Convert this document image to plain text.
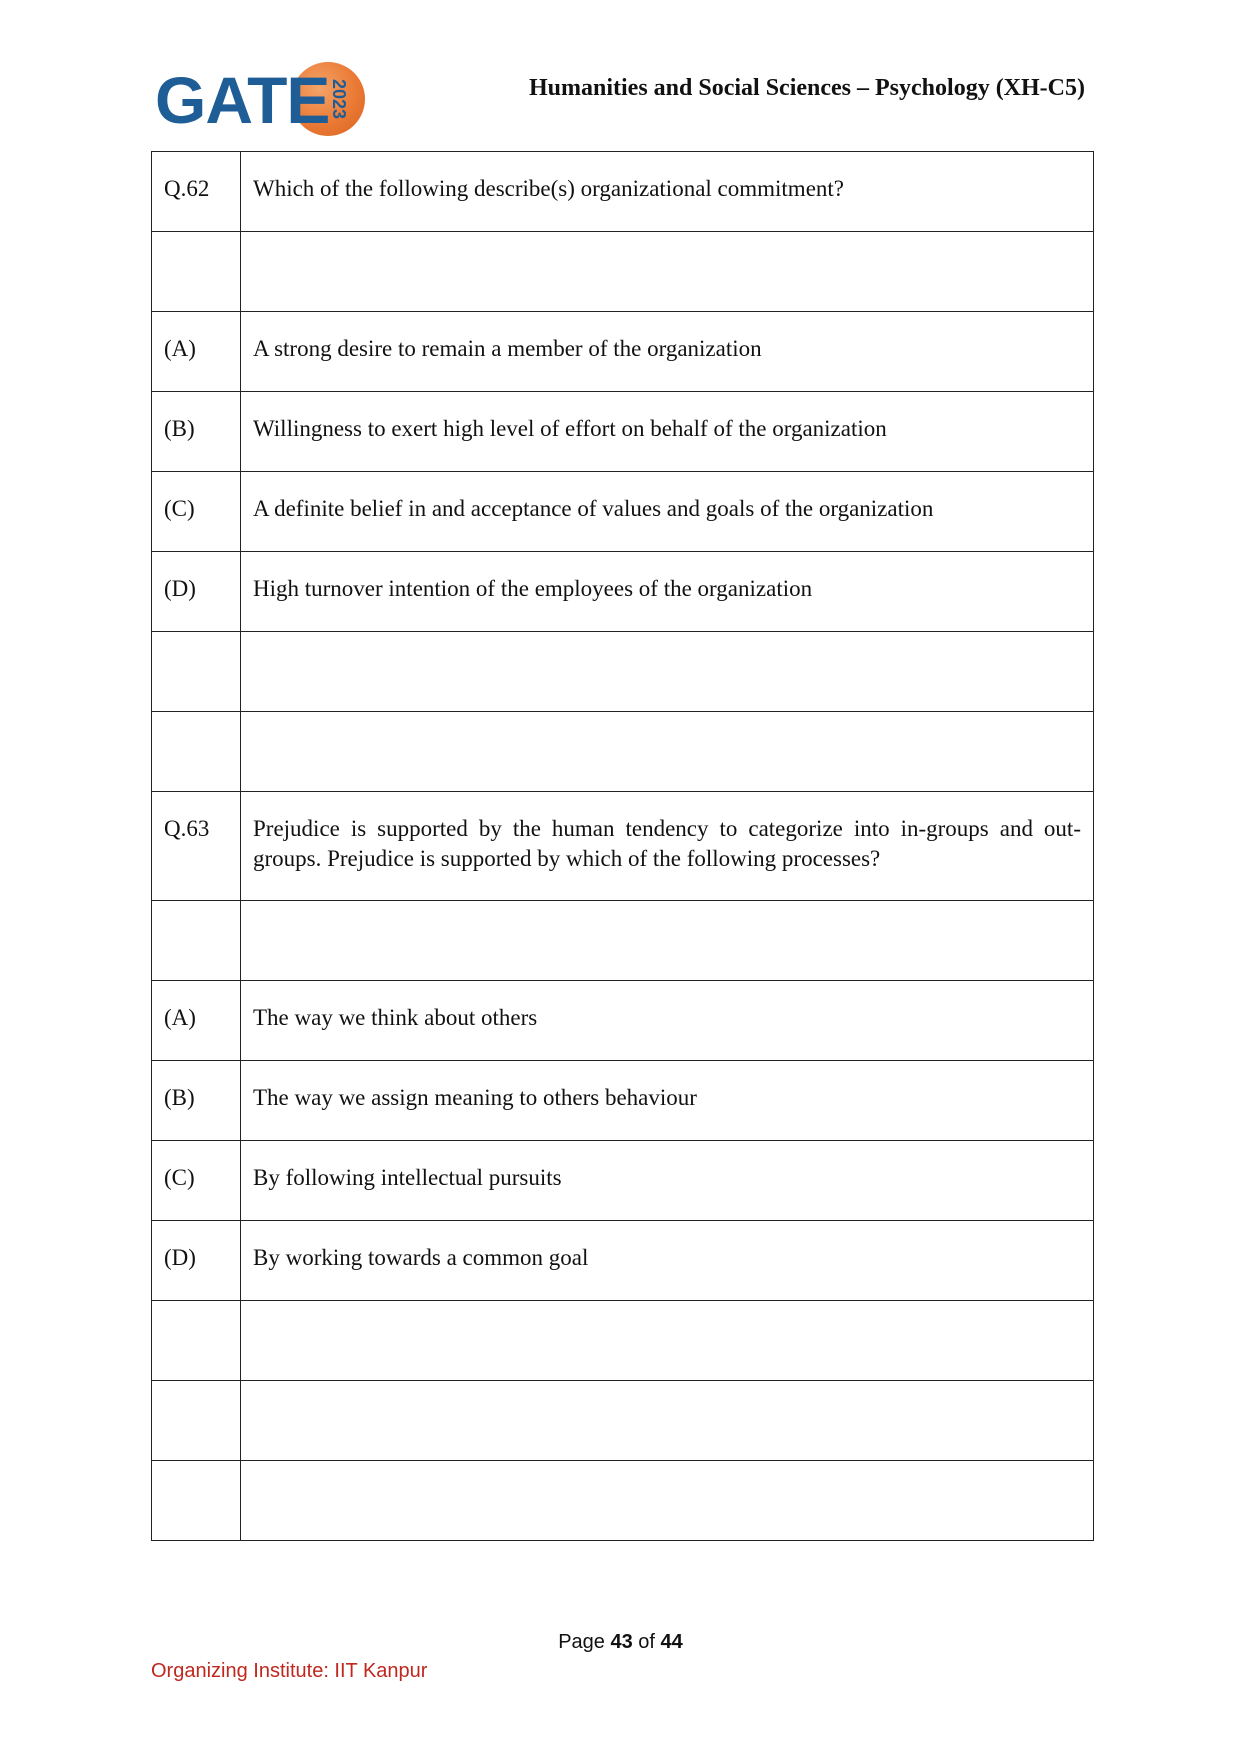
GATE 2023	Humanities and Social Sciences – Psychology (XH-C5)
Q.62	Which of the following describe(s) organizational commitment?

(A)	A strong desire to remain a member of the organization
(B)	Willingness to exert high level of effort on behalf of the organization
(C)	A definite belief in and acceptance of values and goals of the organization
(D)	High turnover intention of the employees of the organization

Q.63	Prejudice is supported by the human tendency to categorize into in-groups and out-groups. Prejudice is supported by which of the following processes?

(A)	The way we think about others
(B)	The way we assign meaning to others behaviour
(C)	By following intellectual pursuits
(D)	By working towards a common goal

Page 43 of 44
Organizing Institute: IIT Kanpur
